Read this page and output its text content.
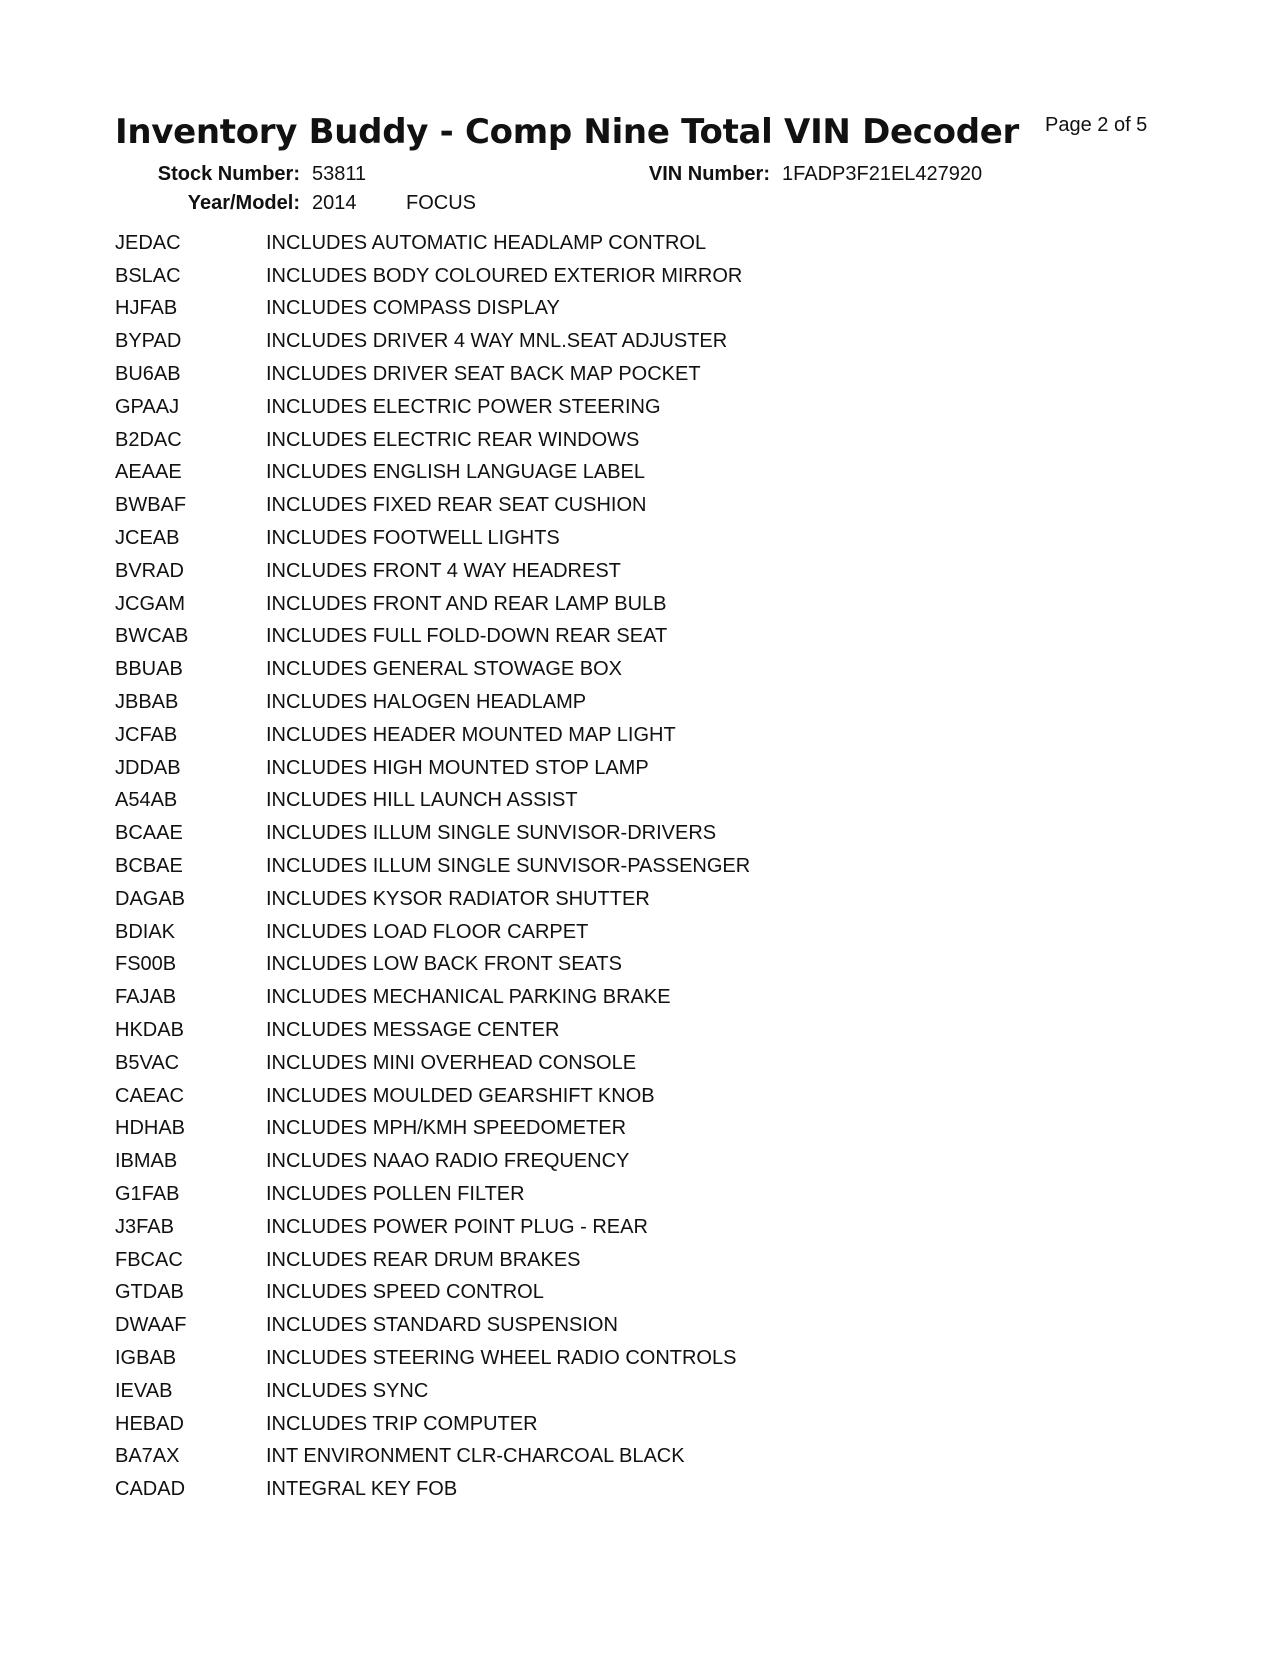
Inventory Buddy - Comp Nine Total VIN Decoder Page 2 of 5
Stock Number: 53811	VIN Number: 1FADP3F21EL427920
Year/Model: 2014 FOCUS
JEDAC	INCLUDES AUTOMATIC HEADLAMP CONTROL
BSLAC	INCLUDES BODY COLOURED EXTERIOR MIRROR
HJFAB	INCLUDES COMPASS DISPLAY
BYPAD	INCLUDES DRIVER 4 WAY MNL.SEAT ADJUSTER
BU6AB	INCLUDES DRIVER SEAT BACK MAP POCKET
GPAAJ	INCLUDES ELECTRIC POWER STEERING
B2DAC	INCLUDES ELECTRIC REAR WINDOWS
AEAAE	INCLUDES ENGLISH LANGUAGE LABEL
BWBAF	INCLUDES FIXED REAR SEAT CUSHION
JCEAB	INCLUDES FOOTWELL LIGHTS
BVRAD	INCLUDES FRONT 4 WAY HEADREST
JCGAM	INCLUDES FRONT AND REAR LAMP BULB
BWCAB	INCLUDES FULL FOLD-DOWN REAR SEAT
BBUAB	INCLUDES GENERAL STOWAGE BOX
JBBAB	INCLUDES HALOGEN HEADLAMP
JCFAB	INCLUDES HEADER MOUNTED MAP LIGHT
JDDAB	INCLUDES HIGH MOUNTED STOP LAMP
A54AB	INCLUDES HILL LAUNCH ASSIST
BCAAE	INCLUDES ILLUM SINGLE SUNVISOR-DRIVERS
BCBAE	INCLUDES ILLUM SINGLE SUNVISOR-PASSENGER
DAGAB	INCLUDES KYSOR RADIATOR SHUTTER
BDIAK	INCLUDES LOAD FLOOR CARPET
FS00B	INCLUDES LOW BACK FRONT SEATS
FAJAB	INCLUDES MECHANICAL PARKING BRAKE
HKDAB	INCLUDES MESSAGE CENTER
B5VAC	INCLUDES MINI OVERHEAD CONSOLE
CAEAC	INCLUDES MOULDED GEARSHIFT KNOB
HDHAB	INCLUDES MPH/KMH SPEEDOMETER
IBMAB	INCLUDES NAAO RADIO FREQUENCY
G1FAB	INCLUDES POLLEN FILTER
J3FAB	INCLUDES POWER POINT PLUG - REAR
FBCAC	INCLUDES REAR DRUM BRAKES
GTDAB	INCLUDES SPEED CONTROL
DWAAF	INCLUDES STANDARD SUSPENSION
IGBAB	INCLUDES STEERING WHEEL RADIO CONTROLS
IEVAB	INCLUDES SYNC
HEBAD	INCLUDES TRIP COMPUTER
BA7AX	INT ENVIRONMENT CLR-CHARCOAL BLACK
CADAD	INTEGRAL KEY FOB
